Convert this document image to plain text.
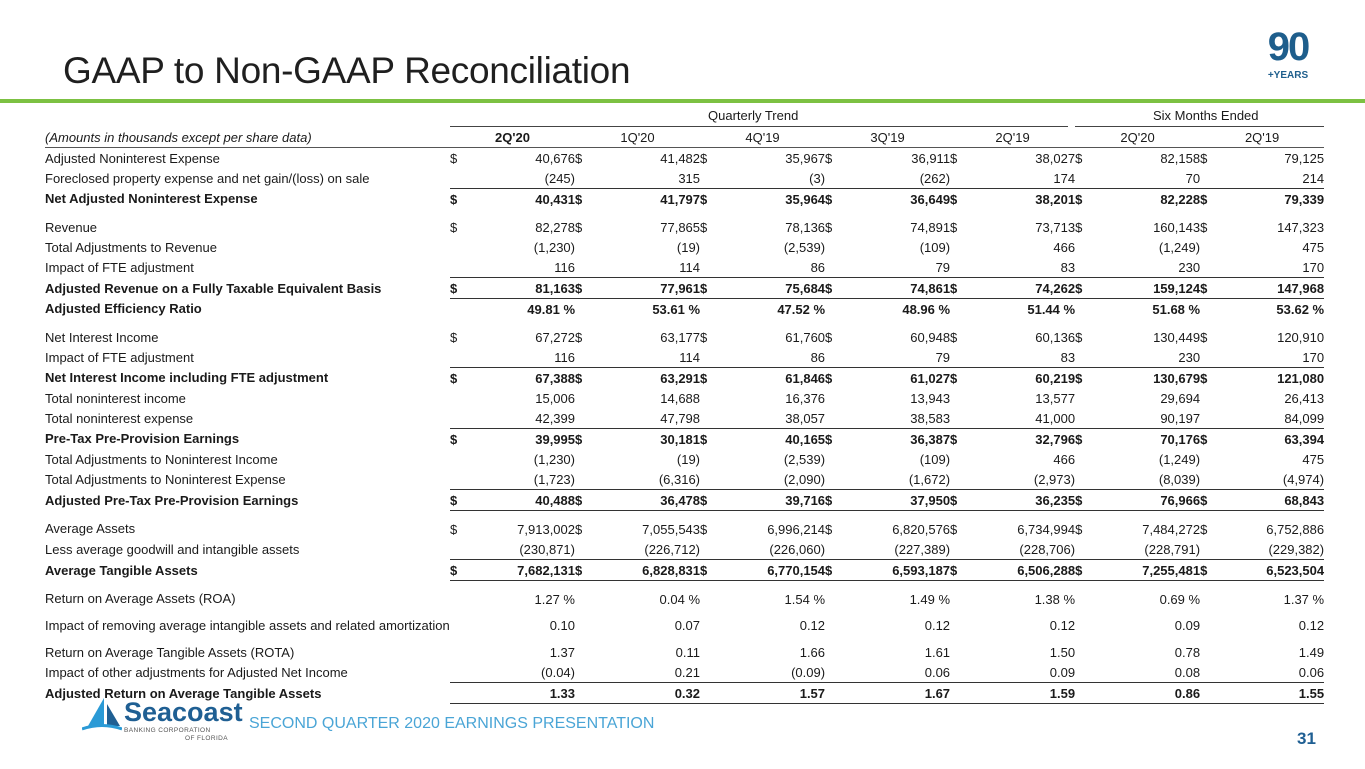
GAAP to Non-GAAP Reconciliation
90
+YEARS
Quarterly Trend	Six Months Ended
(Amounts in thousands except per share data)	2Q'20		1Q'20		4Q'19		3Q'19		2Q'19		2Q'20		2Q'19	
Adjusted Noninterest Expense	$	40,676	$	41,482	$	35,967	$	36,911	$	38,027	$	82,158	$	79,125
Foreclosed property expense and net gain/(loss) on sale		(245)		315		(3)		(262)		174		70		214
Net Adjusted Noninterest Expense	$	40,431	$	41,797	$	35,964	$	36,649	$	38,201	$	82,228	$	79,339
Revenue	$	82,278	$	77,865	$	78,136	$	74,891	$	73,713	$	160,143	$	147,323
Total Adjustments to Revenue		(1,230)		(19)		(2,539)		(109)		466		(1,249)		475
Impact of FTE adjustment		116		114		86		79		83		230		170
Adjusted Revenue on a Fully Taxable Equivalent Basis	$	81,163	$	77,961	$	75,684	$	74,861	$	74,262	$	159,124	$	147,968
Adjusted Efficiency Ratio		49.81 %		53.61 %		47.52 %		48.96 %		51.44 %		51.68 %		53.62 %
Net Interest Income	$	67,272	$	63,177	$	61,760	$	60,948	$	60,136	$	130,449	$	120,910
Impact of FTE adjustment		116		114		86		79		83		230		170
Net Interest Income including FTE adjustment	$	67,388	$	63,291	$	61,846	$	61,027	$	60,219	$	130,679	$	121,080
Total noninterest income		15,006		14,688		16,376		13,943		13,577		29,694		26,413
Total noninterest expense		42,399		47,798		38,057		38,583		41,000		90,197		84,099
Pre-Tax Pre-Provision Earnings	$	39,995	$	30,181	$	40,165	$	36,387	$	32,796	$	70,176	$	63,394
Total Adjustments to Noninterest Income		(1,230)		(19)		(2,539)		(109)		466		(1,249)		475
Total Adjustments to Noninterest Expense		(1,723)		(6,316)		(2,090)		(1,672)		(2,973)		(8,039)		(4,974)
Adjusted Pre-Tax Pre-Provision Earnings	$	40,488	$	36,478	$	39,716	$	37,950	$	36,235	$	76,966	$	68,843
Average Assets	$	7,913,002	$	7,055,543	$	6,996,214	$	6,820,576	$	6,734,994	$	7,484,272	$	6,752,886
Less average goodwill and intangible assets		(230,871)		(226,712)		(226,060)		(227,389)		(228,706)		(228,791)		(229,382)
Average Tangible Assets	$	7,682,131	$	6,828,831	$	6,770,154	$	6,593,187	$	6,506,288	$	7,255,481	$	6,523,504
Return on Average Assets (ROA)		1.27 %		0.04 %		1.54 %		1.49 %		1.38 %		0.69 %		1.37 %
Impact of removing average intangible assets and related amortization		0.10		0.07		0.12		0.12		0.12		0.09		0.12
Return on Average Tangible Assets (ROTA)		1.37		0.11		1.66		1.61		1.50		0.78		1.49
Impact of other adjustments for Adjusted Net Income		(0.04)		0.21		(0.09)		0.06		0.09		0.08		0.06
Adjusted Return on Average Tangible Assets		1.33		0.32		1.57		1.67		1.59		0.86		1.55
Seacoast
BANKING CORPORATION
OF FLORIDA
SECOND QUARTER 2020 EARNINGS PRESENTATION
31
